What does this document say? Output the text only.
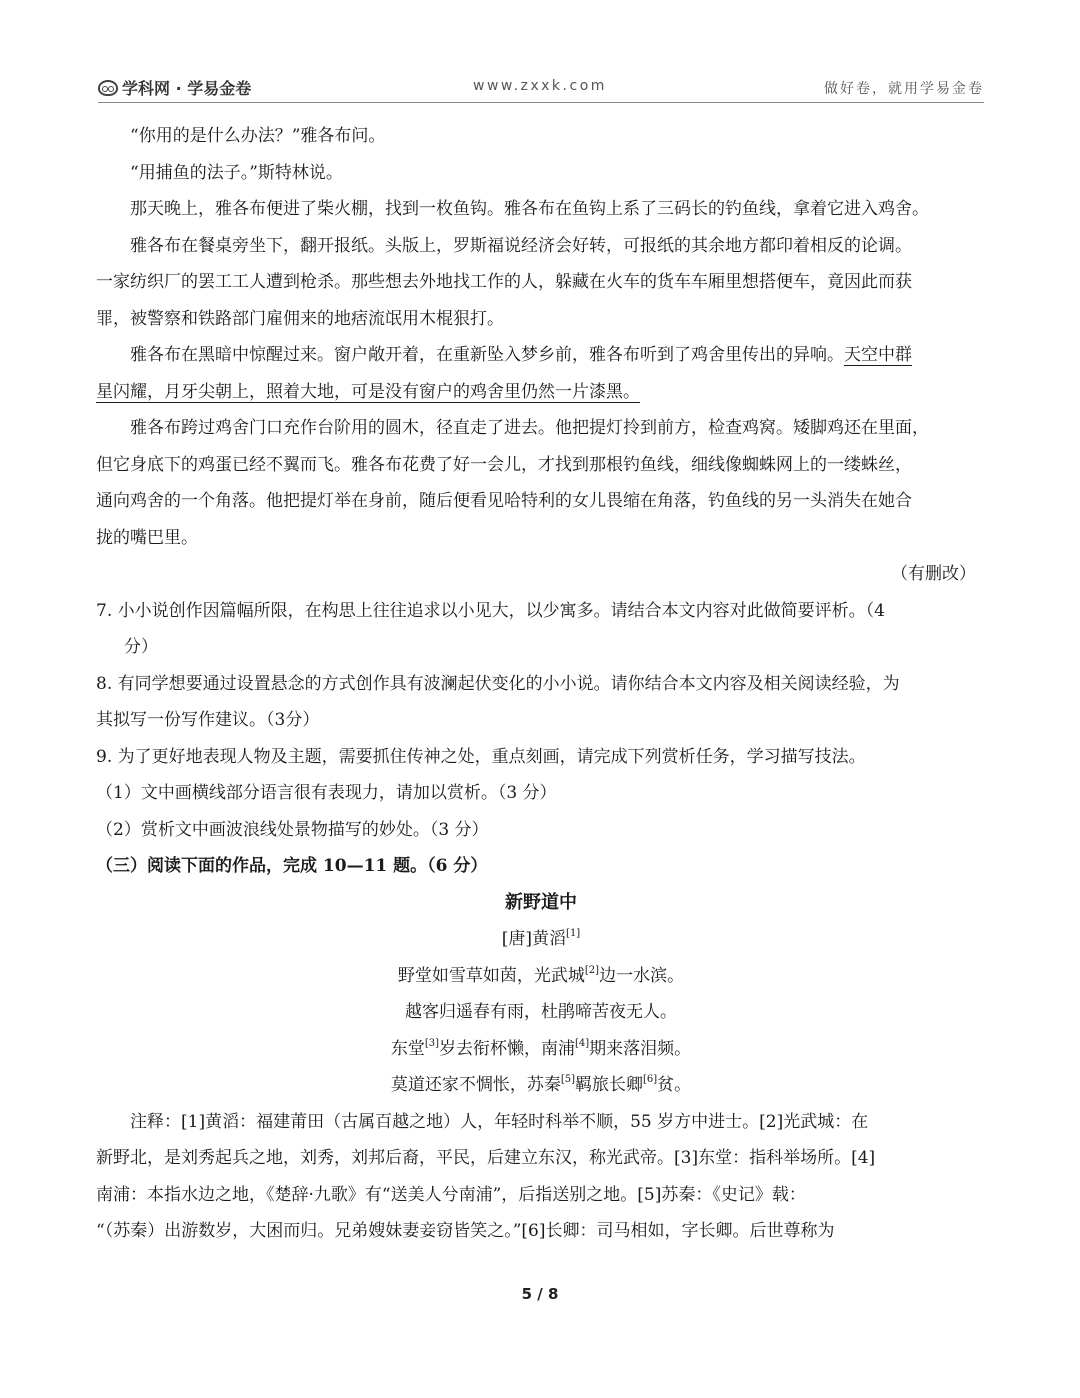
学科网 · 学易金卷	www.zxxk.com	做好卷，就用学易金卷
“你用的是什么办法？”雅各布问。
“用捕鱼的法子。”斯特林说。
那天晚上，雅各布便进了柴火棚，找到一枚鱼钩。雅各布在鱼钩上系了三码长的钓鱼线，拿着它进入鸡舍。
雅各布在餐桌旁坐下，翻开报纸。头版上，罗斯福说经济会好转，可报纸的其余地方都印着相反的论调。
一家纺织厂的罢工工人遭到枪杀。那些想去外地找工作的人，躲藏在火车的货车车厢里想搭便车，竟因此而获
罪，被警察和铁路部门雇佣来的地痞流氓用木棍狠打。
雅各布在黑暗中惊醒过来。窗户敞开着，在重新坠入梦乡前，雅各布听到了鸡舍里传出的异响。天空中群
星闪耀，月牙尖朝上，照着大地，可是没有窗户的鸡舍里仍然一片漆黑。
雅各布跨过鸡舍门口充作台阶用的圆木，径直走了进去。他把提灯拎到前方，检查鸡窝。矮脚鸡还在里面，
但它身底下的鸡蛋已经不翼而飞。雅各布花费了好一会儿，才找到那根钓鱼线，细线像蜘蛛网上的一缕蛛丝，
通向鸡舍的一个角落。他把提灯举在身前，随后便看见哈特利的女儿畏缩在角落，钓鱼线的另一头消失在她合
拢的嘴巴里。
（有删改）
7. 小小说创作因篇幅所限，在构思上往往追求以小见大，以少寓多。请结合本文内容对此做简要评析。（4
分）
8. 有同学想要通过设置悬念的方式创作具有波澜起伏变化的小小说。请你结合本文内容及相关阅读经验，为
其拟写一份写作建议。（3分）
9. 为了更好地表现人物及主题，需要抓住传神之处，重点刻画，请完成下列赏析任务，学习描写技法。
（1）文中画横线部分语言很有表现力，请加以赏析。（3 分）
（2）赏析文中画波浪线处景物描写的妙处。（3 分）
（三）阅读下面的作品，完成 10—11 题。（6 分）
新野道中
[唐]黄滔[1]
野堂如雪草如茵，光武城[2]边一水滨。
越客归遥春有雨，杜鹃啼苦夜无人。
东堂[3]岁去衔杯懒，南浦[4]期来落泪频。
莫道还家不惆怅，苏秦[5]羁旅长卿[6]贫。
注释：[1]黄滔：福建莆田（古属百越之地）人，年轻时科举不顺，55 岁方中进士。[2]光武城：在
新野北，是刘秀起兵之地，刘秀，刘邦后裔，平民，后建立东汉，称光武帝。[3]东堂：指科举场所。[4]
南浦：本指水边之地，《楚辞·九歌》有“送美人兮南浦”，后指送别之地。[5]苏秦：《史记》载：
“（苏秦）出游数岁，大困而归。兄弟嫂妹妻妾窃皆笑之。”[6]长卿：司马相如，字长卿。后世尊称为
5 / 8
